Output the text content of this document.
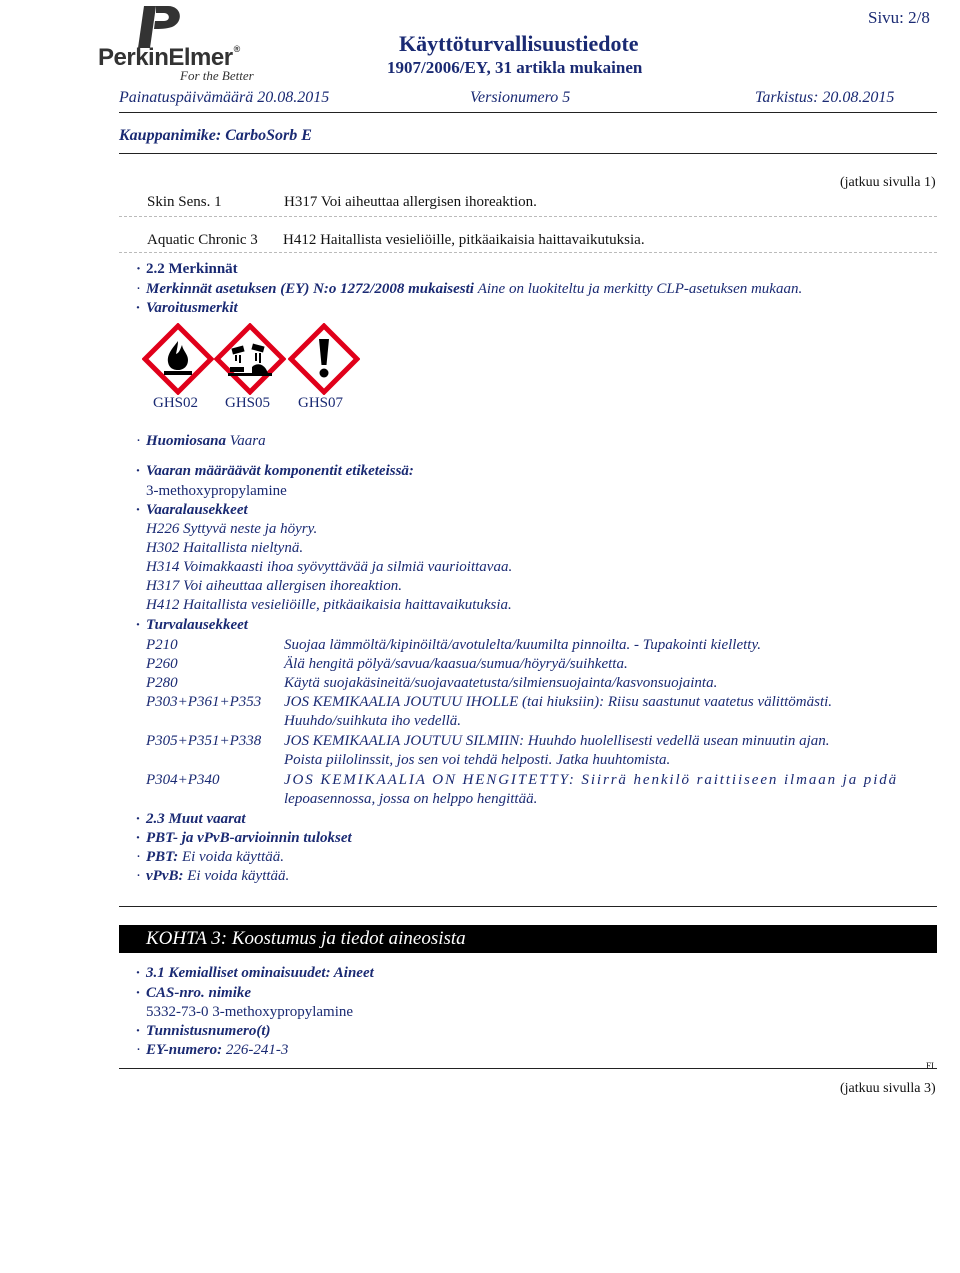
PerkinElmer®
For the Better
Käyttöturvallisuustiedote
1907/2006/EY, 31 artikla mukainen
Sivu: 2/8
Painatuspäivämäärä 20.08.2015	Versionumero 5	Tarkistus: 20.08.2015
Kauppanimike: CarboSorb E
(jatkuu sivulla 1)
Skin Sens. 1	H317 Voi aiheuttaa allergisen ihoreaktion.
Aquatic Chronic 3 H412 Haitallista vesieliöille, pitkäaikaisia haittavaikutuksia.
· 2.2 Merkinnät
· Merkinnät asetuksen (EY) N:o 1272/2008 mukaisesti Aine on luokiteltu ja merkitty CLP-asetuksen mukaan.
· Varoitusmerkit
GHS02 GHS05 GHS07
· Huomiosana Vaara
· Vaaran määräävät komponentit etiketeissä:
3-methoxypropylamine
· Vaaralausekkeet
H226 Syttyvä neste ja höyry.
H302 Haitallista nieltynä.
H314 Voimakkaasti ihoa syövyttävää ja silmiä vaurioittavaa.
H317 Voi aiheuttaa allergisen ihoreaktion.
H412 Haitallista vesieliöille, pitkäaikaisia haittavaikutuksia.
· Turvalausekkeet
P210	Suojaa lämmöltä/kipinöiltä/avotulelta/kuumilta pinnoilta. - Tupakointi kielletty.
P260	Älä hengitä pölyä/savua/kaasua/sumua/höyryä/suihketta.
P280	Käytä suojakäsineitä/suojavaatetusta/silmiensuojainta/kasvonsuojainta.
P303+P361+P353 JOS KEMIKAALIA JOUTUU IHOLLE (tai hiuksiin): Riisu saastunut vaatetus välittömästi.
Huuhdo/suihkuta iho vedellä.
P305+P351+P338 JOS KEMIKAALIA JOUTUU SILMIIN: Huuhdo huolellisesti vedellä usean minuutin ajan.
Poista piilolinssit, jos sen voi tehdä helposti. Jatka huuhtomista.
P304+P340	JOS KEMIKAALIA ON HENGITETTY: Siirrä henkilö raittiiseen ilmaan ja pidä
lepoasennossa, jossa on helppo hengittää.
· 2.3 Muut vaarat
· PBT- ja vPvB-arvioinnin tulokset
· PBT: Ei voida käyttää.
· vPvB: Ei voida käyttää.
KOHTA 3: Koostumus ja tiedot aineosista
· 3.1 Kemialliset ominaisuudet: Aineet
· CAS-nro. nimike
5332-73-0 3-methoxypropylamine
· Tunnistusnumero(t)
· EY-numero: 226-241-3
FI
(jatkuu sivulla 3)
